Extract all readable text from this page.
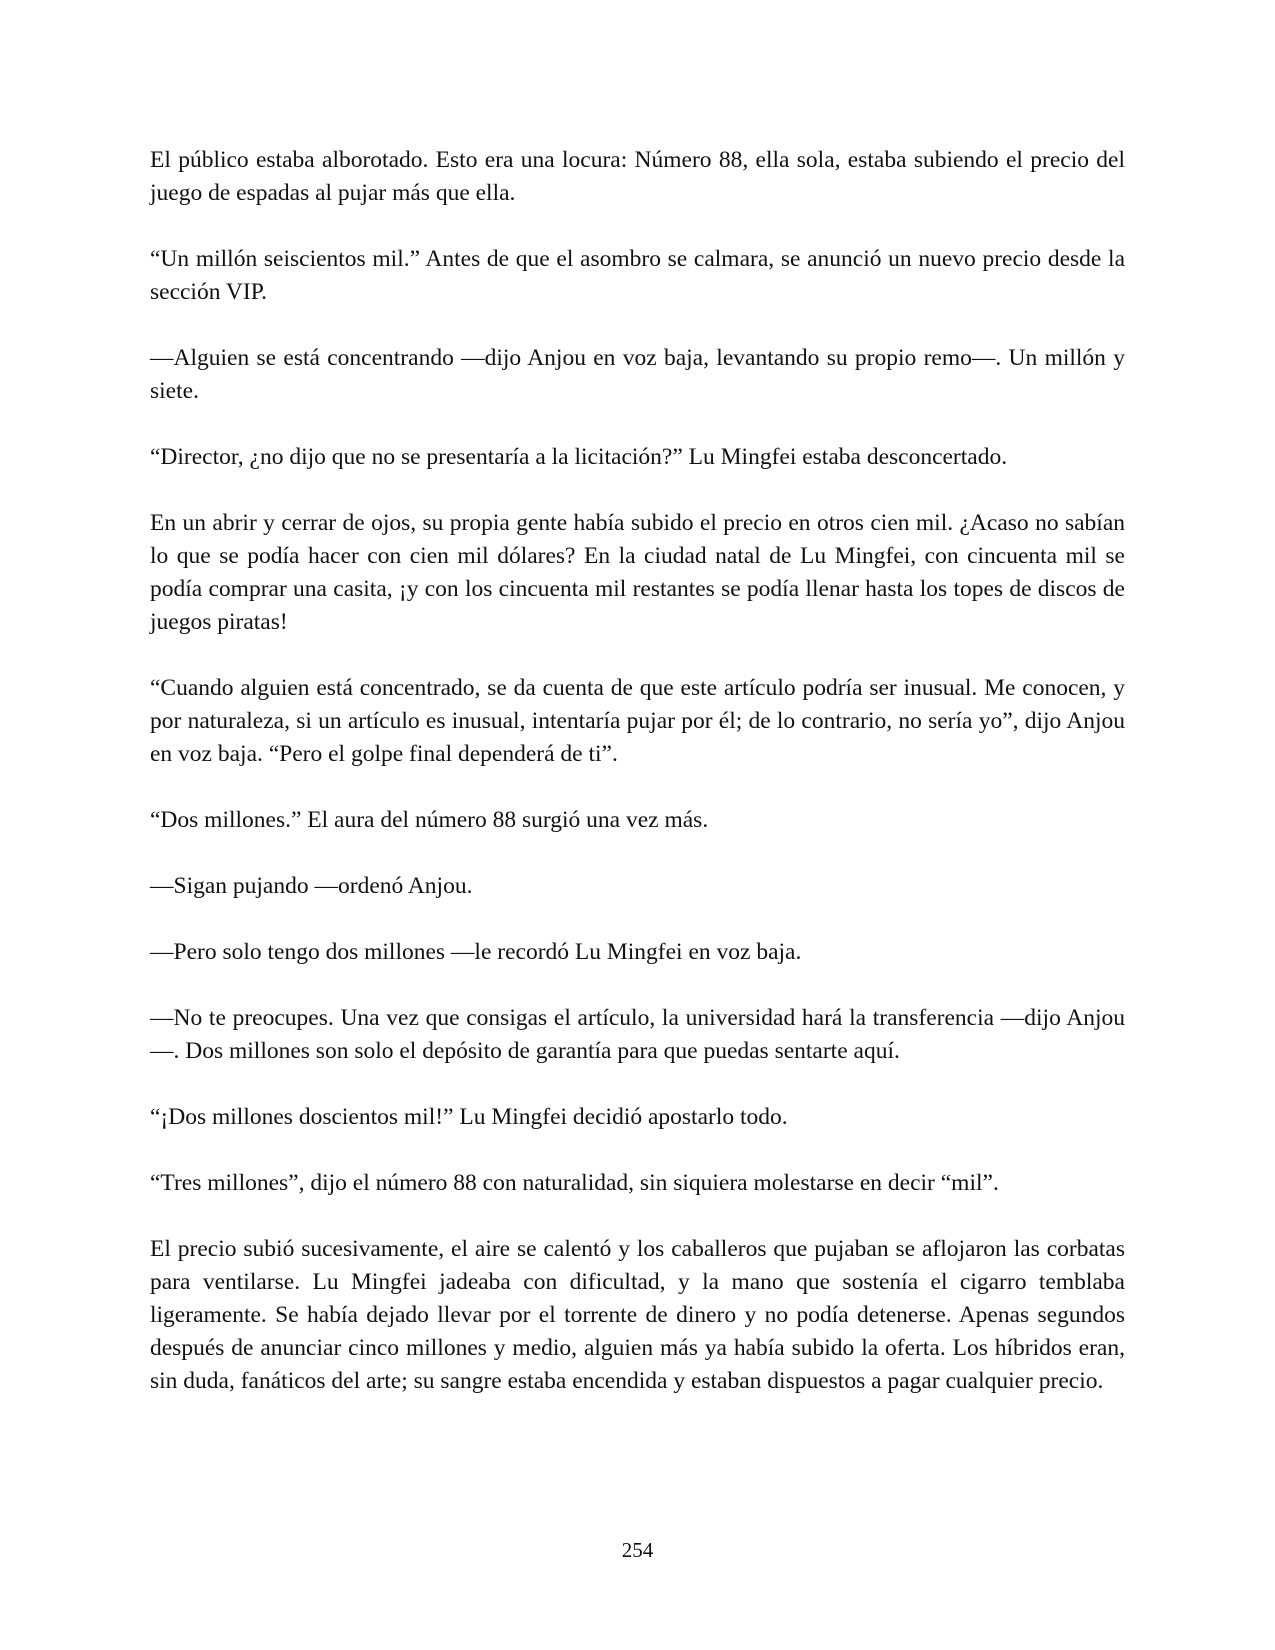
El público estaba alborotado. Esto era una locura: Número 88, ella sola, estaba subiendo el precio del juego de espadas al pujar más que ella.

“Un millón seiscientos mil.” Antes de que el asombro se calmara, se anunció un nuevo precio desde la sección VIP.

—Alguien se está concentrando —dijo Anjou en voz baja, levantando su propio remo—. Un millón y siete.

“Director, ¿no dijo que no se presentaría a la licitación?” Lu Mingfei estaba desconcertado.

En un abrir y cerrar de ojos, su propia gente había subido el precio en otros cien mil. ¿Acaso no sabían lo que se podía hacer con cien mil dólares? En la ciudad natal de Lu Mingfei, con cincuenta mil se podía comprar una casita, ¡y con los cincuenta mil restantes se podía llenar hasta los topes de discos de juegos piratas!

“Cuando alguien está concentrado, se da cuenta de que este artículo podría ser inusual. Me conocen, y por naturaleza, si un artículo es inusual, intentaría pujar por él; de lo contrario, no sería yo”, dijo Anjou en voz baja. “Pero el golpe final dependerá de ti”.

“Dos millones.” El aura del número 88 surgió una vez más.

—Sigan pujando —ordenó Anjou.

—Pero solo tengo dos millones —le recordó Lu Mingfei en voz baja.

—No te preocupes. Una vez que consigas el artículo, la universidad hará la transferencia —dijo Anjou—. Dos millones son solo el depósito de garantía para que puedas sentarte aquí.

“¡Dos millones doscientos mil!” Lu Mingfei decidió apostarlo todo.

“Tres millones”, dijo el número 88 con naturalidad, sin siquiera molestarse en decir “mil”.

El precio subió sucesivamente, el aire se calentó y los caballeros que pujaban se aflojaron las corbatas para ventilarse. Lu Mingfei jadeaba con dificultad, y la mano que sostenía el cigarro temblaba ligeramente. Se había dejado llevar por el torrente de dinero y no podía detenerse. Apenas segundos después de anunciar cinco millones y medio, alguien más ya había subido la oferta. Los híbridos eran, sin duda, fanáticos del arte; su sangre estaba encendida y estaban dispuestos a pagar cualquier precio.

254
